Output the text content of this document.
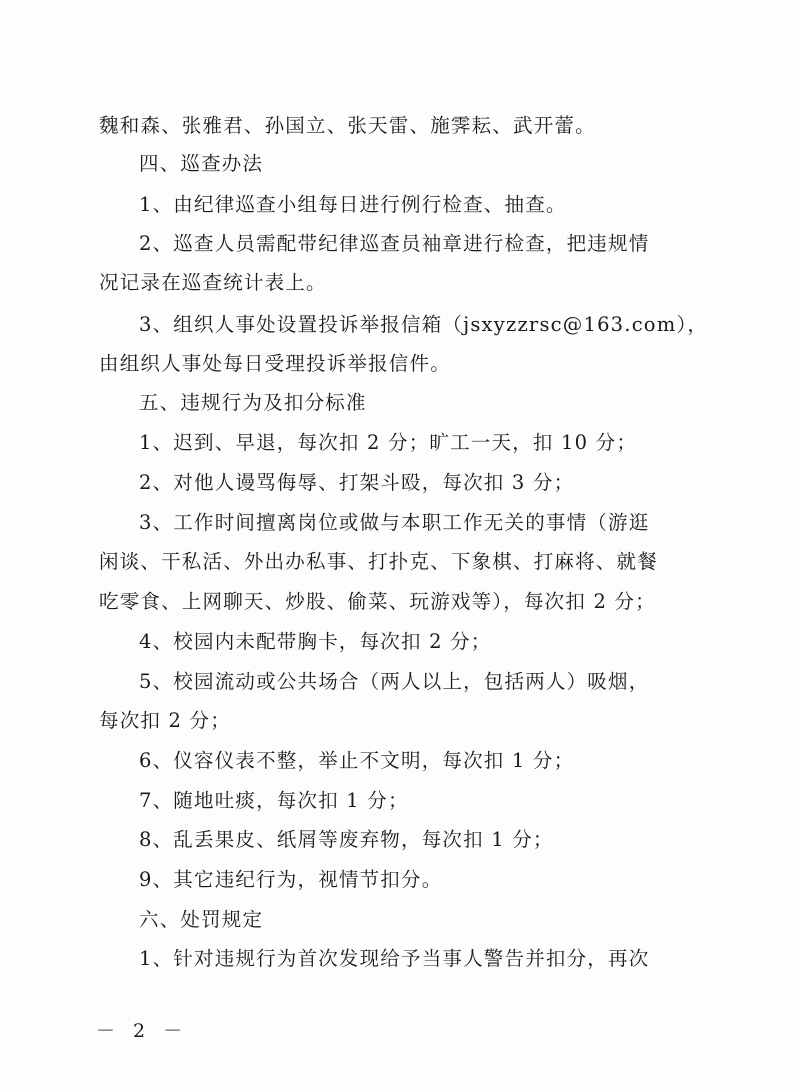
魏和森、张雅君、孙国立、张天雷、施霁耘、武开蕾。
四、巡查办法
1、由纪律巡查小组每日进行例行检查、抽查。
2、巡查人员需配带纪律巡查员袖章进行检查，把违规情
况记录在巡查统计表上。
3、组织人事处设置投诉举报信箱（jsxyzzrsc@163.com），
由组织人事处每日受理投诉举报信件。
五、违规行为及扣分标准
1、迟到、早退，每次扣 2 分；旷工一天，扣 10 分；
2、对他人谩骂侮辱、打架斗殴，每次扣 3 分；
3、工作时间擅离岗位或做与本职工作无关的事情（游逛
闲谈、干私活、外出办私事、打扑克、下象棋、打麻将、就餐
吃零食、上网聊天、炒股、偷菜、玩游戏等），每次扣 2 分；
4、校园内未配带胸卡，每次扣 2 分；
5、校园流动或公共场合（两人以上，包括两人）吸烟，
每次扣 2 分；
6、仪容仪表不整，举止不文明，每次扣 1 分；
7、随地吐痰，每次扣 1 分；
8、乱丢果皮、纸屑等废弃物，每次扣 1 分；
9、其它违纪行为，视情节扣分。
六、处罚规定
1、针对违规行为首次发现给予当事人警告并扣分，再次
－ 2 －
